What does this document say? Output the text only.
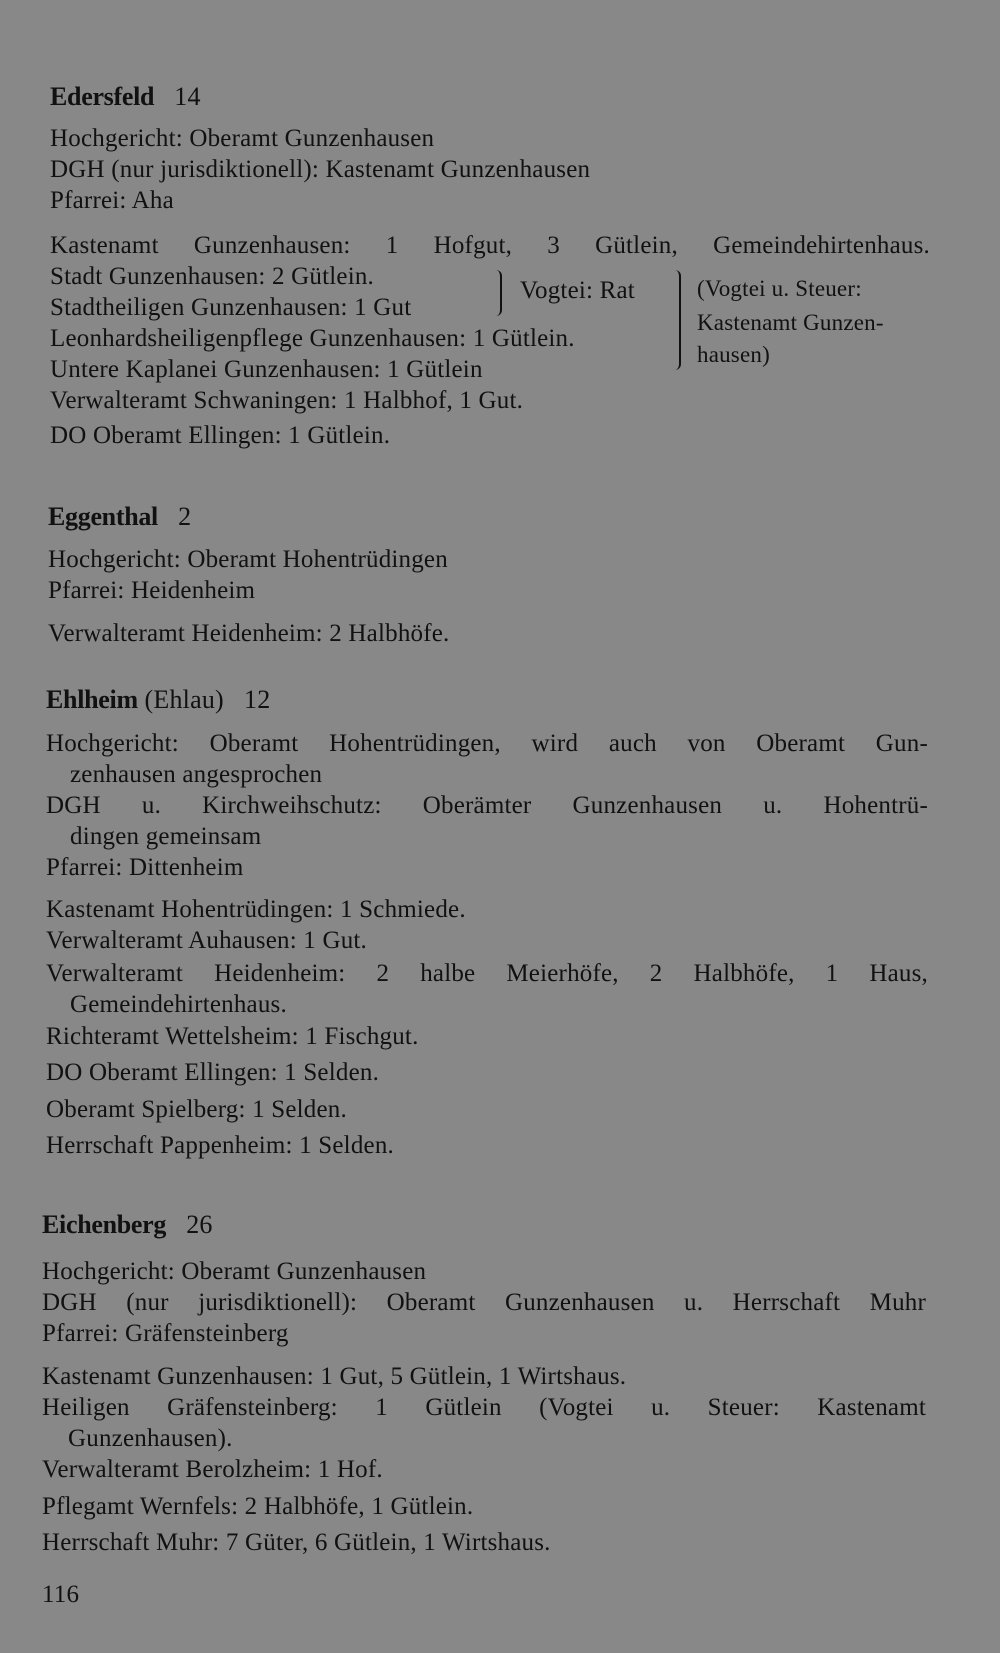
Edersfeld 14
Hochgericht: Oberamt Gunzenhausen
DGH (nur jurisdiktionell): Kastenamt Gunzenhausen
Pfarrei: Aha
Kastenamt Gunzenhausen: 1 Hofgut, 3 Gütlein, Gemeindehirtenhaus.
Stadt Gunzenhausen: 2 Gütlein.
Stadtheiligen Gunzenhausen: 1 Gut
Leonhardsheiligenpflege Gunzenhausen: 1 Gütlein.
Untere Kaplanei Gunzenhausen: 1 Gütlein
Verwalteramt Schwaningen: 1 Halbhof, 1 Gut.
DO Oberamt Ellingen: 1 Gütlein.
Vogtei: Rat	(Vogtei u. Steuer:
Kastenamt Gunzen-
hausen)
Eggenthal 2
Hochgericht: Oberamt Hohentrüdingen
Pfarrei: Heidenheim
Verwalteramt Heidenheim: 2 Halbhöfe.
Ehlheim (Ehlau) 12
Hochgericht: Oberamt Hohentrüdingen, wird auch von Oberamt Gun-
zenhausen angesprochen
DGH u. Kirchweihschutz: Oberämter Gunzenhausen u. Hohentrü-
dingen gemeinsam
Pfarrei: Dittenheim
Kastenamt Hohentrüdingen: 1 Schmiede.
Verwalteramt Auhausen: 1 Gut.
Verwalteramt Heidenheim: 2 halbe Meierhöfe, 2 Halbhöfe, 1 Haus,
Gemeindehirtenhaus.
Richteramt Wettelsheim: 1 Fischgut.
DO Oberamt Ellingen: 1 Selden.
Oberamt Spielberg: 1 Selden.
Herrschaft Pappenheim: 1 Selden.
Eichenberg 26
Hochgericht: Oberamt Gunzenhausen
DGH (nur jurisdiktionell): Oberamt Gunzenhausen u. Herrschaft Muhr
Pfarrei: Gräfensteinberg
Kastenamt Gunzenhausen: 1 Gut, 5 Gütlein, 1 Wirtshaus.
Heiligen Gräfensteinberg: 1 Gütlein (Vogtei u. Steuer: Kastenamt
Gunzenhausen).
Verwalteramt Berolzheim: 1 Hof.
Pflegamt Wernfels: 2 Halbhöfe, 1 Gütlein.
Herrschaft Muhr: 7 Güter, 6 Gütlein, 1 Wirtshaus.
116
